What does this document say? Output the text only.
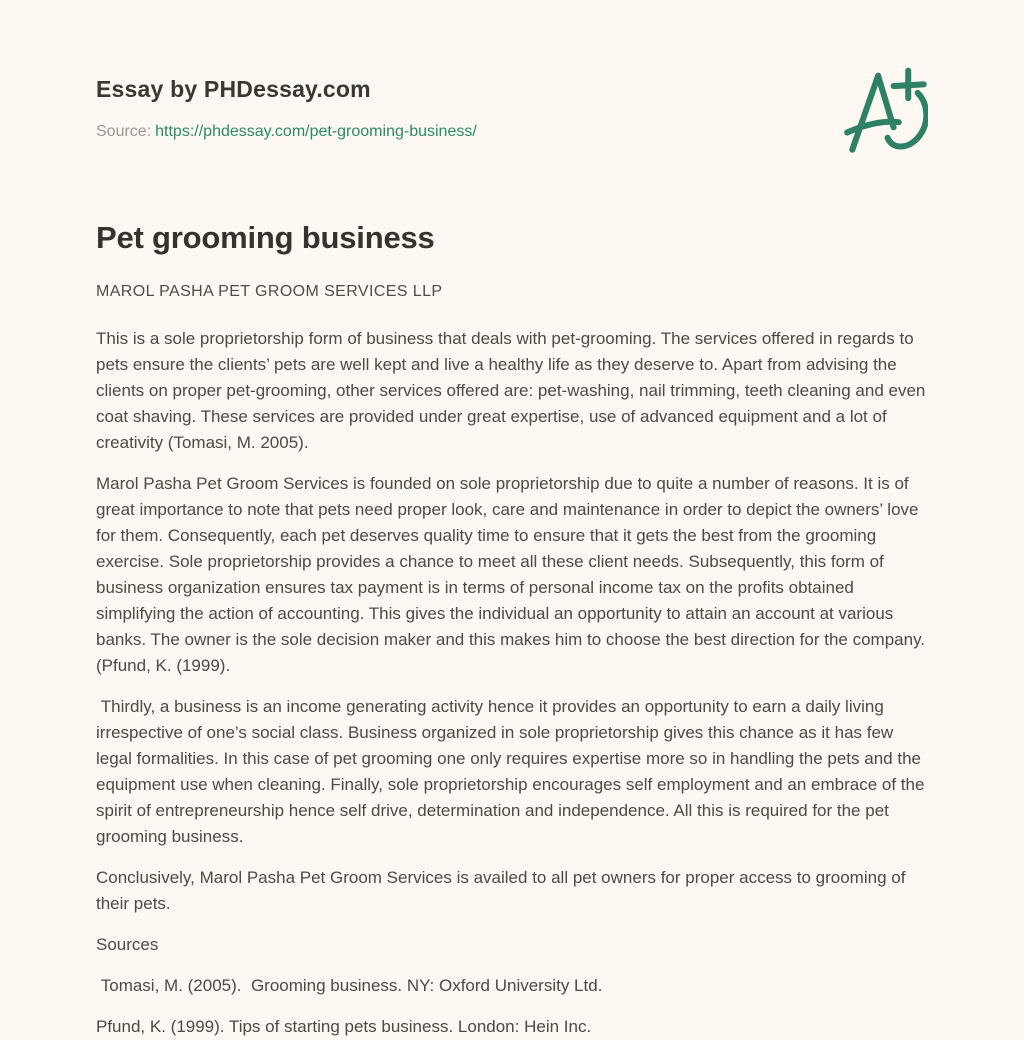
Essay by PHDessay.com
Source: https://phdessay.com/pet-grooming-business/
Pet grooming business
MAROL PASHA PET GROOM SERVICES LLP

This is a sole proprietorship form of business that deals with pet-grooming. The services offered in regards to pets ensure the clients’ pets are well kept and live a healthy life as they deserve to. Apart from advising the clients on proper pet-grooming, other services offered are: pet-washing, nail trimming, teeth cleaning and even coat shaving. These services are provided under great expertise, use of advanced equipment and a lot of creativity (Tomasi, M. 2005).

Marol Pasha Pet Groom Services is founded on sole proprietorship due to quite a number of reasons. It is of great importance to note that pets need proper look, care and maintenance in order to depict the owners’ love for them. Consequently, each pet deserves quality time to ensure that it gets the best from the grooming exercise. Sole proprietorship provides a chance to meet all these client needs. Subsequently, this form of business organization ensures tax payment is in terms of personal income tax on the profits obtained simplifying the action of accounting. This gives the individual an opportunity to attain an account at various banks. The owner is the sole decision maker and this makes him to choose the best direction for the company. (Pfund, K. (1999).

Thirdly, a business is an income generating activity hence it provides an opportunity to earn a daily living irrespective of one’s social class. Business organized in sole proprietorship gives this chance as it has few legal formalities. In this case of pet grooming one only requires expertise more so in handling the pets and the equipment use when cleaning. Finally, sole proprietorship encourages self employment and an embrace of the spirit of entrepreneurship hence self drive, determination and independence. All this is required for the pet grooming business.

Conclusively, Marol Pasha Pet Groom Services is availed to all pet owners for proper access to grooming of their pets.

Sources

Tomasi, M. (2005).  Grooming business. NY: Oxford University Ltd.

Pfund, K. (1999). Tips of starting pets business. London: Hein Inc.
